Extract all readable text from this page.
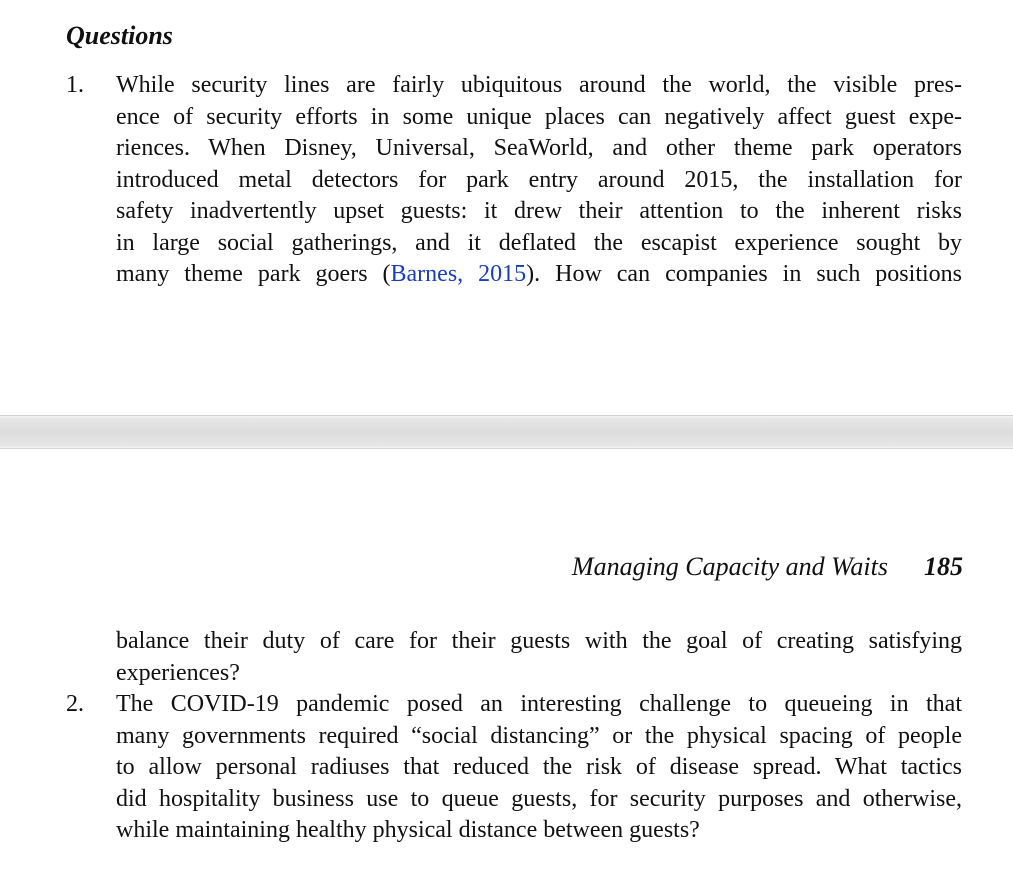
Questions
1. While security lines are fairly ubiquitous around the world, the visible pres-
ence of security efforts in some unique places can negatively affect guest expe-
riences. When Disney, Universal, SeaWorld, and other theme park operators
introduced metal detectors for park entry around 2015, the installation for
safety inadvertently upset guests: it drew their attention to the inherent risks
in large social gatherings, and it deflated the escapist experience sought by
many theme park goers (Barnes, 2015). How can companies in such positions
Managing Capacity and Waits 185
balance their duty of care for their guests with the goal of creating satisfying
experiences?
2. The COVID-19 pandemic posed an interesting challenge to queueing in that
many governments required “social distancing” or the physical spacing of people
to allow personal radiuses that reduced the risk of disease spread. What tactics
did hospitality business use to queue guests, for security purposes and otherwise,
while maintaining healthy physical distance between guests?
